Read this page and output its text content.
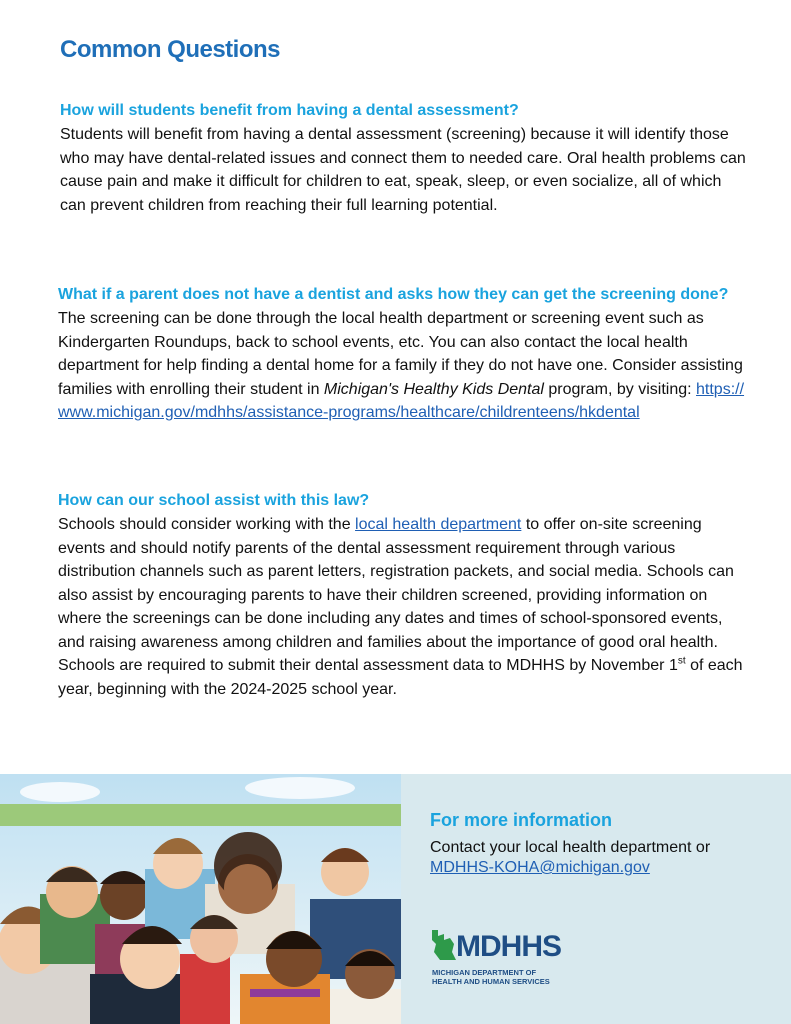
Common Questions
How will students benefit from having a dental assessment?

Students will benefit from having a dental assessment (screening) because it will identify those who may have dental-related issues and connect them to needed care. Oral health problems can cause pain and make it difficult for children to eat, speak, sleep, or even socialize, all of which can prevent children from reaching their full learning potential.

What if a parent does not have a dentist and asks how they can get the screening done?

The screening can be done through the local health department or screening event such as Kindergarten Roundups, back to school events, etc. You can also contact the local health department for help finding a dental home for a family if they do not have one. Consider assisting families with enrolling their student in Michigan's Healthy Kids Dental program, by visiting: https://www.michigan.gov/mdhhs/assistance-programs/healthcare/childrenteens/hkdental

How can our school assist with this law?

Schools should consider working with the local health department to offer on-site screening events and should notify parents of the dental assessment requirement through various distribution channels such as parent letters, registration packets, and social media. Schools can also assist by encouraging parents to have their children screened, providing information on where the screenings can be done including any dates and times of school-sponsored events, and raising awareness among children and families about the importance of good oral health. Schools are required to submit their dental assessment data to MDHHS by November 1st of each year, beginning with the 2024-2025 school year.

For more information

Contact your local health department or

MDHHS-KOHA@michigan.gov
MDHHS
MICHIGAN DEPARTMENT OF
HEALTH AND HUMAN SERVICES
